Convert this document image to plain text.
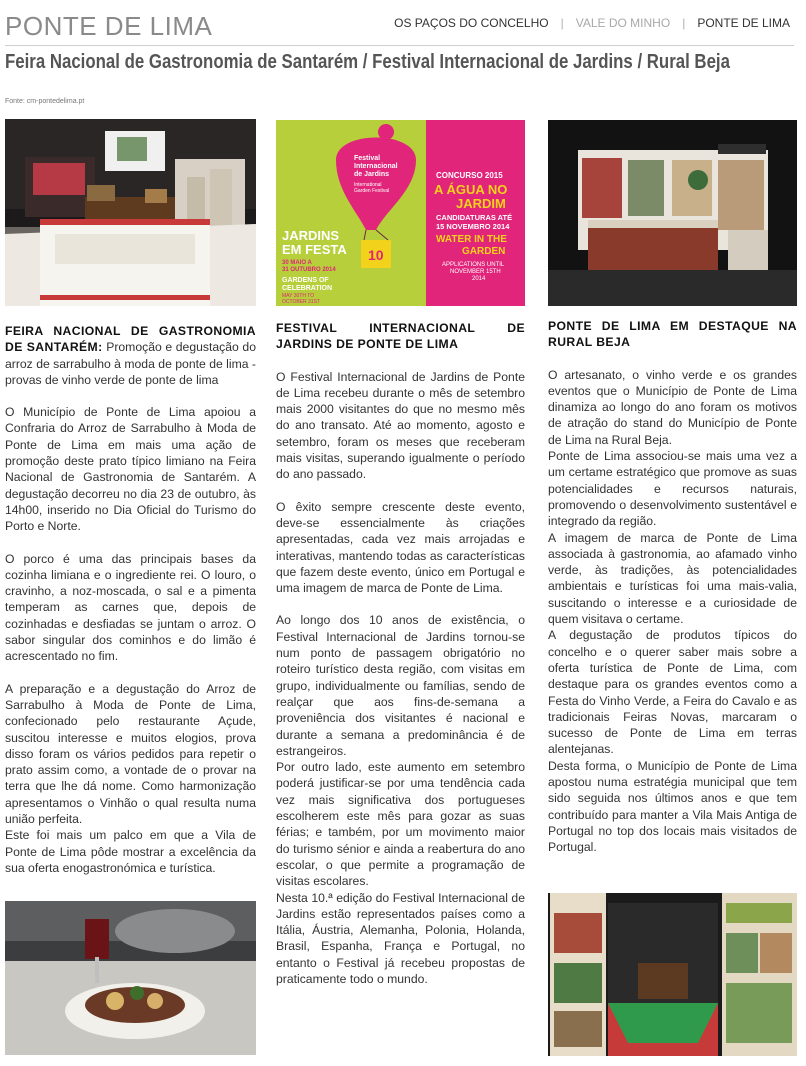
PONTE DE LIMA	OS PAÇOS DO CONCELHO | VALE DO MINHO | PONTE DE LIMA
Feira Nacional de Gastronomia de Santarém / Festival Internacional de Jardins / Rural Beja
Fonte: cm-pontedelima.pt
Festival
Internacional
de Jardins
International
Garden Festival
CONCURSO 2015
A ÁGUA NO
JARDIM
CANDIDATURAS ATÉ
15 NOVEMBRO 2014
WATER IN THE
GARDEN
APPLICATIONS UNTIL
NOVEMBER 15TH
2014
JARDINS
EM FESTA
30 MAIO A
31 OUTUBRO 2014
GARDENS OF
CELEBRATION
MAY 30TH TO
OCTOBER 31ST
10

FEIRA NACIONAL DE GASTRONOMIA DE SANTARÉM: Promoção e degustação do arroz de sarrabulho à moda de ponte de lima - provas de vinho verde de ponte de lima

O Município de Ponte de Lima apoiou a Confraria do Arroz de Sarrabulho à Moda de Ponte de Lima em mais uma ação de promoção deste prato típico limiano na Feira Nacional de Gastronomia de Santarém. A degustação decorreu no dia 23 de outubro, às 14h00, inserido no Dia Oficial do Turismo do Porto e Norte.

O porco é uma das principais bases da cozinha limiana e o ingrediente rei. O louro, o cravinho, a noz-moscada, o sal e a pimenta temperam as carnes que, depois de cozinhadas e desfiadas se juntam o arroz. O sabor singular dos cominhos e do limão é acrescentado no fim.

A preparação e a degustação do Arroz de Sarrabulho à Moda de Ponte de Lima, confecionado pelo restaurante Açude, suscitou interesse e muitos elogios, prova disso foram os vários pedidos para repetir o prato assim como, a vontade de o provar na terra que lhe dá nome. Como harmonização apresentamos o Vinhão o qual resulta numa união perfeita.

Este foi mais um palco em que a Vila de Ponte de Lima pôde mostrar a excelência da sua oferta enogastronómica e turística.

FESTIVAL INTERNACIONAL DE JARDINS DE PONTE DE LIMA

O Festival Internacional de Jardins de Ponte de Lima recebeu durante o mês de setembro mais 2000 visitantes do que no mesmo mês do ano transato. Até ao momento, agosto e setembro, foram os meses que receberam mais visitas, superando igualmente o período do ano passado.

O êxito sempre crescente deste evento, deve-se essencialmente às criações apresentadas, cada vez mais arrojadas e interativas, mantendo todas as características que fazem deste evento, único em Portugal e uma imagem de marca de Ponte de Lima.

Ao longo dos 10 anos de existência, o Festival Internacional de Jardins tornou-se num ponto de passagem obrigatório no roteiro turístico desta região, com visitas em grupo, individualmente ou famílias, sendo de realçar que aos fins-de-semana a proveniência dos visitantes é nacional e durante a semana a predominância é de estrangeiros.

Por outro lado, este aumento em setembro poderá justificar-se por uma tendência cada vez mais significativa dos portugueses escolherem este mês para gozar as suas férias; e também, por um movimento maior do turismo sénior e ainda a reabertura do ano escolar, o que permite a programação de visitas escolares.

Nesta 10.ª edição do Festival Internacional de Jardins estão representados países como a Itália, Áustria, Alemanha, Polonia, Holanda, Brasil, Espanha, França e Portugal, no entanto o Festival já recebeu propostas de praticamente todo o mundo.

PONTE DE LIMA EM DESTAQUE NA RURAL BEJA

O artesanato, o vinho verde e os grandes eventos que o Município de Ponte de Lima dinamiza ao longo do ano foram os motivos de atração do stand do Município de Ponte de Lima na Rural Beja.

Ponte de Lima associou-se mais uma vez a um certame estratégico que promove as suas potencialidades e recursos naturais, promovendo o desenvolvimento sustentável e integrado da região.

A imagem de marca de Ponte de Lima associada à gastronomia, ao afamado vinho verde, às tradições, às potencialidades ambientais e turísticas foi uma mais-valia, suscitando o interesse e a curiosidade de quem visitava o certame.

A degustação de produtos típicos do concelho e o querer saber mais sobre a oferta turística de Ponte de Lima, com destaque para os grandes eventos como a Festa do Vinho Verde, a Feira do Cavalo e as tradicionais Feiras Novas, marcaram o sucesso de Ponte de Lima em terras alentejanas.

Desta forma, o Município de Ponte de Lima apostou numa estratégia municipal que tem sido seguida nos últimos anos e que tem contribuído para manter a Vila Mais Antiga de Portugal no top dos locais mais visitados de Portugal.
